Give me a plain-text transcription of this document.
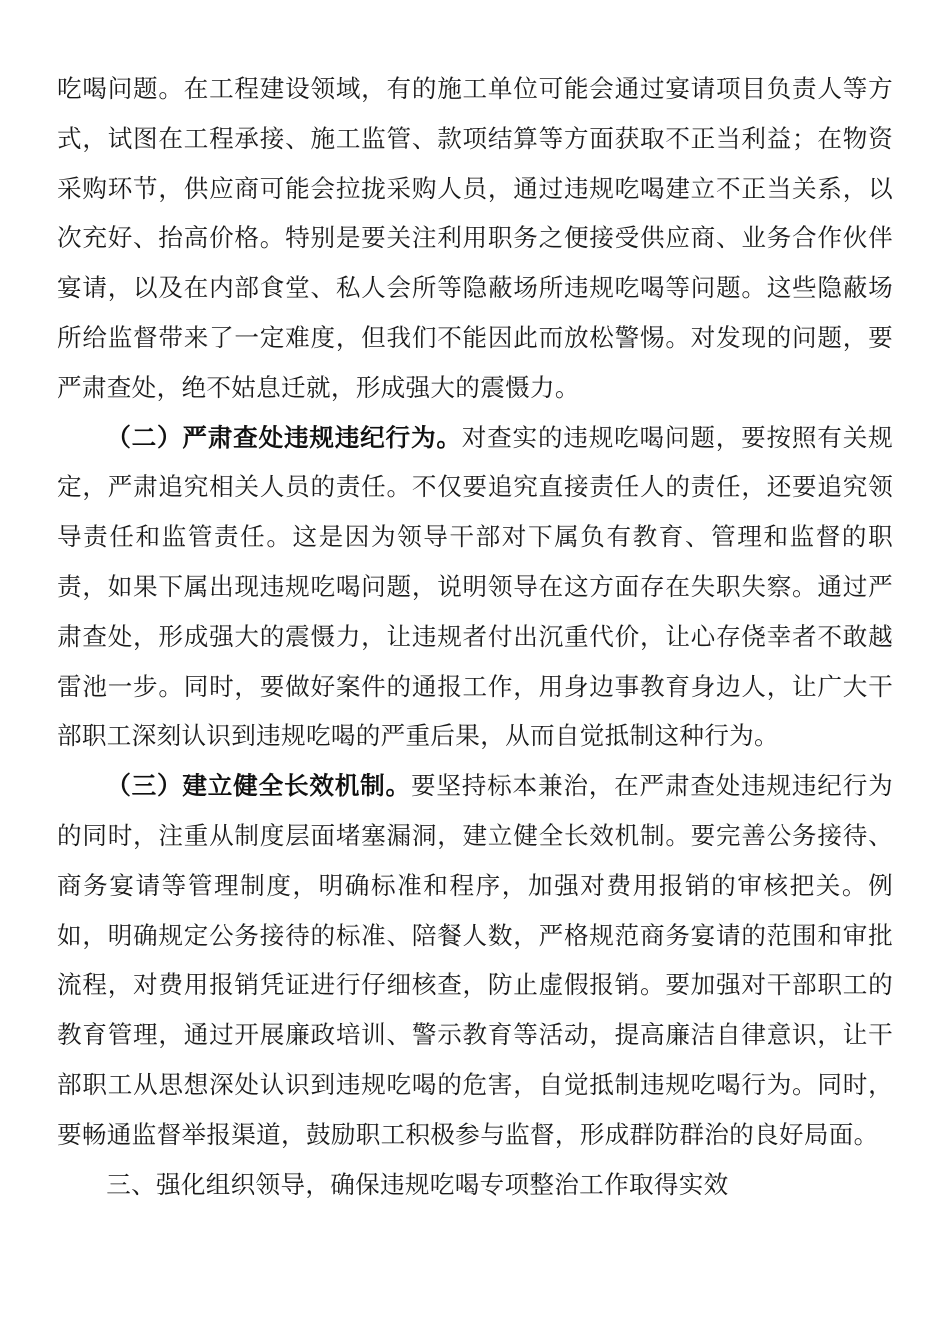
吃喝问题。在工程建设领域，有的施工单位可能会通过宴请项目负责人等方式，试图在工程承接、施工监管、款项结算等方面获取不正当利益；在物资采购环节，供应商可能会拉拢采购人员，通过违规吃喝建立不正当关系，以次充好、抬高价格。特别是要关注利用职务之便接受供应商、业务合作伙伴宴请，以及在内部食堂、私人会所等隐蔽场所违规吃喝等问题。这些隐蔽场所给监督带来了一定难度，但我们不能因此而放松警惕。对发现的问题，要严肃查处，绝不姑息迁就，形成强大的震慑力。

（二）严肃查处违规违纪行为。对查实的违规吃喝问题，要按照有关规定，严肃追究相关人员的责任。不仅要追究直接责任人的责任，还要追究领导责任和监管责任。这是因为领导干部对下属负有教育、管理和监督的职责，如果下属出现违规吃喝问题，说明领导在这方面存在失职失察。通过严肃查处，形成强大的震慑力，让违规者付出沉重代价，让心存侥幸者不敢越雷池一步。同时，要做好案件的通报工作，用身边事教育身边人，让广大干部职工深刻认识到违规吃喝的严重后果，从而自觉抵制这种行为。

（三）建立健全长效机制。要坚持标本兼治，在严肃查处违规违纪行为的同时，注重从制度层面堵塞漏洞，建立健全长效机制。要完善公务接待、商务宴请等管理制度，明确标准和程序，加强对费用报销的审核把关。例如，明确规定公务接待的标准、陪餐人数，严格规范商务宴请的范围和审批流程，对费用报销凭证进行仔细核查，防止虚假报销。要加强对干部职工的教育管理，通过开展廉政培训、警示教育等活动，提高廉洁自律意识，让干部职工从思想深处认识到违规吃喝的危害，自觉抵制违规吃喝行为。同时，要畅通监督举报渠道，鼓励职工积极参与监督，形成群防群治的良好局面。

三、强化组织领导，确保违规吃喝专项整治工作取得实效
